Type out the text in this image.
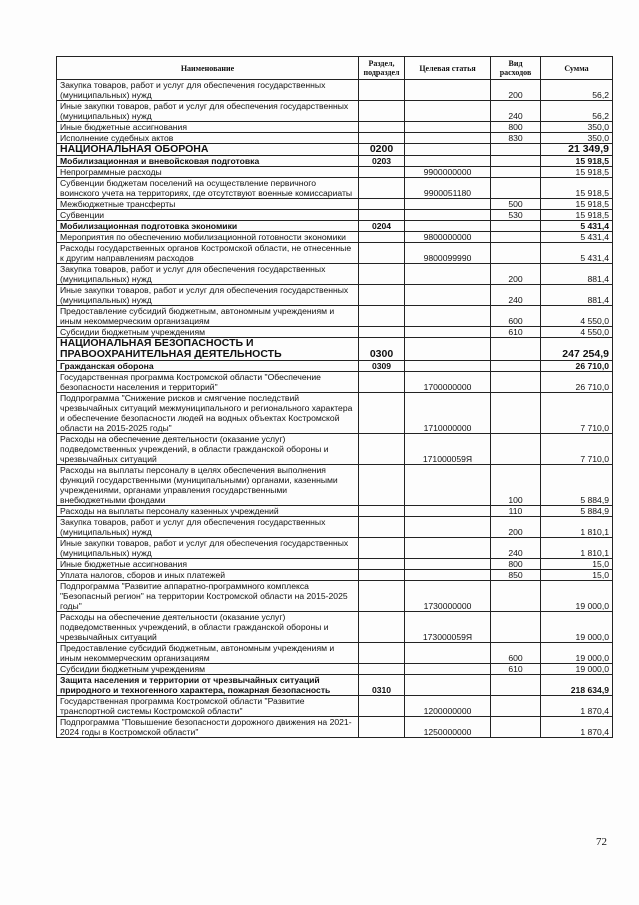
Наименование	Раздел, подраздел	Целевая статья	Вид расходов	Сумма
Закупка товаров, работ и услуг для обеспечения государственных (муниципальных) нужд			200	56,2
Иные закупки товаров, работ и услуг для обеспечения государственных (муниципальных) нужд			240	56,2
Иные бюджетные ассигнования			800	350,0
Исполнение судебных актов			830	350,0
НАЦИОНАЛЬНАЯ ОБОРОНА	0200			21 349,9
Мобилизационная и вневойсковая подготовка	0203			15 918,5
Непрограммные расходы		9900000000		15 918,5
Субвенции бюджетам поселений на осуществление первичного воинского учета на территориях, где отсутствуют военные комиссариаты		9900051180		15 918,5
Межбюджетные трансферты			500	15 918,5
Субвенции			530	15 918,5
Мобилизационная подготовка экономики	0204			5 431,4
Мероприятия по обеспечению мобилизационной готовности экономики		9800000000		5 431,4
Расходы государственных органов Костромской области, не отнесенные к другим направлениям расходов		9800099990		5 431,4
Закупка товаров, работ и услуг для обеспечения государственных (муниципальных) нужд			200	881,4
Иные закупки товаров, работ и услуг для обеспечения государственных (муниципальных) нужд			240	881,4
Предоставление субсидий бюджетным, автономным учреждениям и иным некоммерческим организациям			600	4 550,0
Субсидии бюджетным учреждениям			610	4 550,0
НАЦИОНАЛЬНАЯ БЕЗОПАСНОСТЬ И ПРАВООХРАНИТЕЛЬНАЯ ДЕЯТЕЛЬНОСТЬ	0300			247 254,9
Гражданская оборона	0309			26 710,0
Государственная программа Костромской области "Обеспечение безопасности населения и территорий"		1700000000		26 710,0
Подпрограмма "Снижение рисков и смягчение последствий чрезвычайных ситуаций межмуниципального и регионального характера и обеспечение безопасности людей на водных объектах Костромской области на 2015-2025 годы"		1710000000		7 710,0
Расходы на обеспечение деятельности (оказание услуг) подведомственных учреждений, в области гражданской обороны и чрезвычайных ситуаций		171000059Я		7 710,0
Расходы на выплаты персоналу в целях обеспечения выполнения функций государственными (муниципальными) органами, казенными учреждениями, органами управления государственными внебюджетными фондами			100	5 884,9
Расходы на выплаты персоналу казенных учреждений			110	5 884,9
Закупка товаров, работ и услуг для обеспечения государственных (муниципальных) нужд			200	1 810,1
Иные закупки товаров, работ и услуг для обеспечения государственных (муниципальных) нужд			240	1 810,1
Иные бюджетные ассигнования			800	15,0
Уплата налогов, сборов и иных платежей			850	15,0
Подпрограмма "Развитие аппаратно-программного комплекса "Безопасный регион" на территории Костромской области на 2015-2025 годы"		1730000000		19 000,0
Расходы на обеспечение деятельности (оказание услуг) подведомственных учреждений, в области гражданской обороны и чрезвычайных ситуаций		173000059Я		19 000,0
Предоставление субсидий бюджетным, автономным учреждениям и иным некоммерческим организациям			600	19 000,0
Субсидии бюджетным учреждениям			610	19 000,0
Защита населения и территории от чрезвычайных ситуаций природного и техногенного характера, пожарная безопасность	0310			218 634,9
Государственная программа Костромской области "Развитие транспортной системы Костромской области"		1200000000		1 870,4
Подпрограмма "Повышение безопасности дорожного движения на 2021-2024 годы в Костромской области"		1250000000		1 870,4
72
